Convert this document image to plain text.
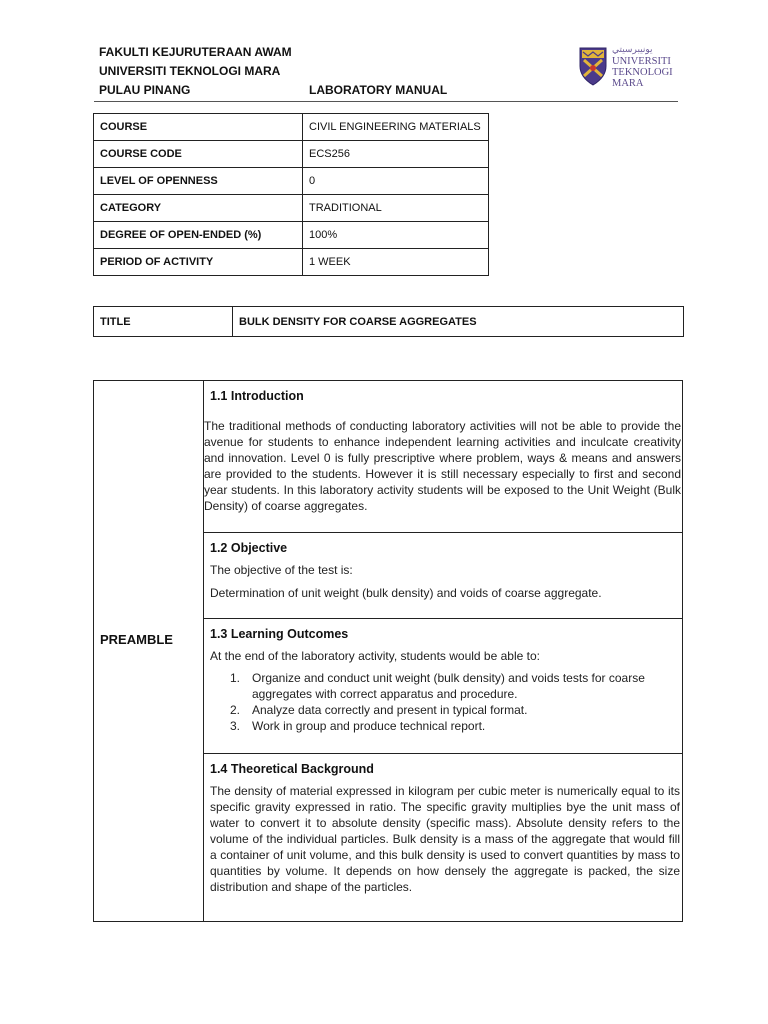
FAKULTI KEJURUTERAAN AWAM
UNIVERSITI TEKNOLOGI MARA
PULAU PINANG	LABORATORY MANUAL
ﯾﻮﻧﯿﺒﺮﺳﯿﺘﻲ
UNIVERSITI
TEKNOLOGI
MARA
COURSE	CIVIL ENGINEERING MATERIALS
COURSE CODE	ECS256
LEVEL OF OPENNESS	0
CATEGORY	TRADITIONAL
DEGREE OF OPEN-ENDED (%)	100%
PERIOD OF ACTIVITY	1 WEEK
TITLE	BULK DENSITY FOR COARSE AGGREGATES
PREAMBLE
1.1 Introduction

The traditional methods of conducting laboratory activities will not be able to provide the avenue for students to enhance independent learning activities and inculcate creativity and innovation. Level 0 is fully prescriptive where problem, ways & means and answers are provided to the students. However it is still necessary especially to first and second year students. In this laboratory activity students will be exposed to the Unit Weight (Bulk Density) of coarse aggregates.

1.2 Objective

The objective of the test is:

Determination of unit weight (bulk density) and voids of coarse aggregate.

1.3 Learning Outcomes

At the end of the laboratory activity, students would be able to:

1. Organize and conduct unit weight (bulk density) and voids tests for coarse aggregates with correct apparatus and procedure.
2. Analyze data correctly and present in typical format.
3. Work in group and produce technical report.
1.4 Theoretical Background

The density of material expressed in kilogram per cubic meter is numerically equal to its specific gravity expressed in ratio. The specific gravity multiplies bye the unit mass of water to convert it to absolute density (specific mass). Absolute density refers to the volume of the individual particles. Bulk density is a mass of the aggregate that would fill a container of unit volume, and this bulk density is used to convert quantities by mass to quantities by volume. It depends on how densely the aggregate is packed, the size distribution and shape of the particles.
